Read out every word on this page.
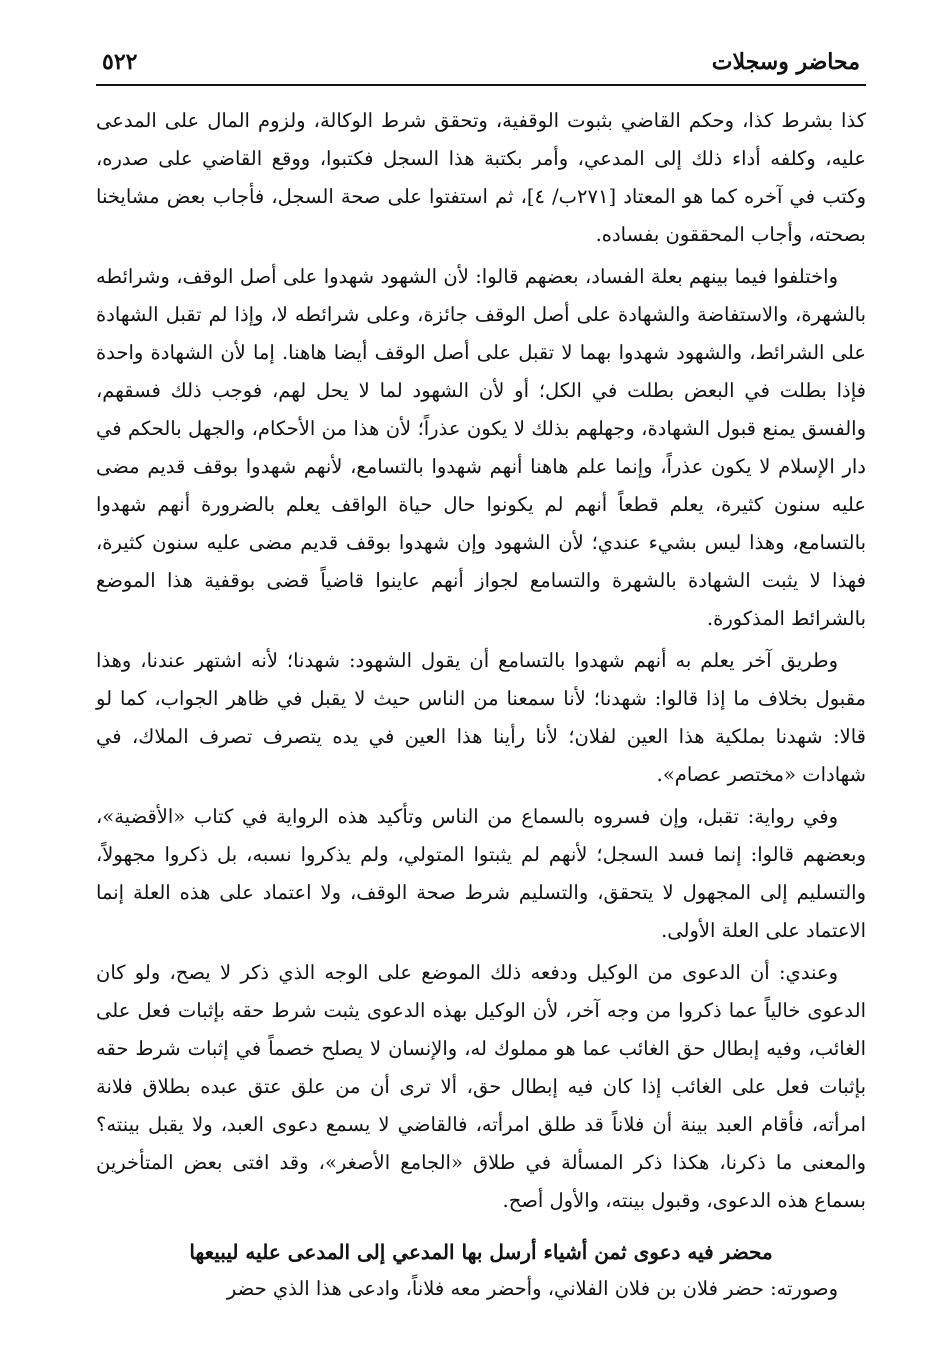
محاضر وسجلات
٥٢٢

كذا بشرط كذا، وحكم القاضي بثبوت الوقفية، وتحقق شرط الوكالة، ولزوم المال على المدعى عليه، وكلفه أداء ذلك إلى المدعي، وأمر بكتبة هذا السجل فكتبوا، ووقع القاضي على صدره، وكتب في آخره كما هو المعتاد [٢٧١ب/ ٤]، ثم استفتوا على صحة السجل، فأجاب بعض مشايخنا بصحته، وأجاب المحققون بفساده.

واختلفوا فيما بينهم بعلة الفساد، بعضهم قالوا: لأن الشهود شهدوا على أصل الوقف، وشرائطه بالشهرة، والاستفاضة والشهادة على أصل الوقف جائزة، وعلى شرائطه لا، وإذا لم تقبل الشهادة على الشرائط، والشهود شهدوا بهما لا تقبل على أصل الوقف أيضا هاهنا. إما لأن الشهادة واحدة فإذا بطلت في البعض بطلت في الكل؛ أو لأن الشهود لما لا يحل لهم، فوجب ذلك فسقهم، والفسق يمنع قبول الشهادة، وجهلهم بذلك لا يكون عذراً؛ لأن هذا من الأحكام، والجهل بالحكم في دار الإسلام لا يكون عذراً، وإنما علم هاهنا أنهم شهدوا بالتسامع، لأنهم شهدوا بوقف قديم مضى عليه سنون كثيرة، يعلم قطعاً أنهم لم يكونوا حال حياة الواقف يعلم بالضرورة أنهم شهدوا بالتسامع، وهذا ليس بشيء عندي؛ لأن الشهود وإن شهدوا بوقف قديم مضى عليه سنون كثيرة، فهذا لا يثبت الشهادة بالشهرة والتسامع لجواز أنهم عاينوا قاضياً قضى بوقفية هذا الموضع بالشرائط المذكورة.

وطريق آخر يعلم به أنهم شهدوا بالتسامع أن يقول الشهود: شهدنا؛ لأنه اشتهر عندنا، وهذا مقبول بخلاف ما إذا قالوا: شهدنا؛ لأنا سمعنا من الناس حيث لا يقبل في ظاهر الجواب، كما لو قالا: شهدنا بملكية هذا العين لفلان؛ لأنا رأينا هذا العين في يده يتصرف تصرف الملاك، في شهادات «مختصر عصام».

وفي رواية: تقبل، وإن فسروه بالسماع من الناس وتأكيد هذه الرواية في كتاب «الأقضية»، وبعضهم قالوا: إنما فسد السجل؛ لأنهم لم يثبتوا المتولي، ولم يذكروا نسبه، بل ذكروا مجهولاً، والتسليم إلى المجهول لا يتحقق، والتسليم شرط صحة الوقف، ولا اعتماد على هذه العلة إنما الاعتماد على العلة الأولى.

وعندي: أن الدعوى من الوكيل ودفعه ذلك الموضع على الوجه الذي ذكر لا يصح، ولو كان الدعوى خالياً عما ذكروا من وجه آخر، لأن الوكيل بهذه الدعوى يثبت شرط حقه بإثبات فعل على الغائب، وفيه إبطال حق الغائب عما هو مملوك له، والإنسان لا يصلح خصماً في إثبات شرط حقه بإثبات فعل على الغائب إذا كان فيه إبطال حق، ألا ترى أن من علق عتق عبده بطلاق فلانة امرأته، فأقام العبد بينة أن فلاناً قد طلق امرأته، فالقاضي لا يسمع دعوى العبد، ولا يقبل بينته؟ والمعنى ما ذكرنا، هكذا ذكر المسألة في طلاق «الجامع الأصغر»، وقد افتى بعض المتأخرين بسماع هذه الدعوى، وقبول بينته، والأول أصح.

محضر فيه دعوى ثمن أشياء أرسل بها المدعي إلى المدعى عليه ليبيعها
وصورته: حضر فلان بن فلان الفلاني، وأحضر معه فلاناً، وادعى هذا الذي حضر
